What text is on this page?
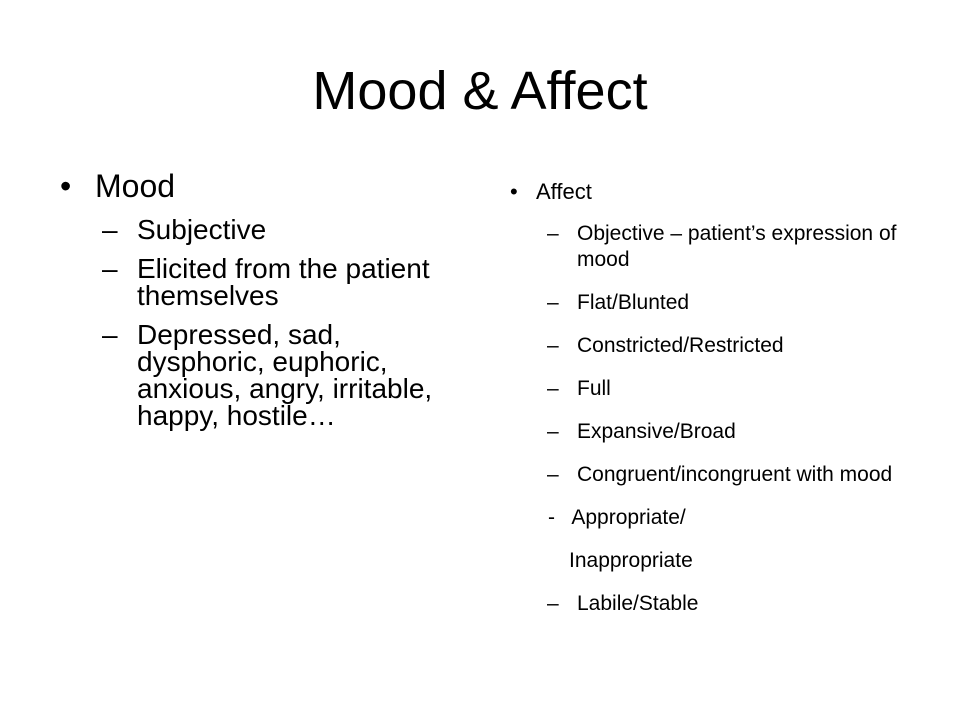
Mood & Affect
• Mood
– Subjective
– Elicited from the patient themselves
– Depressed, sad, dysphoric, euphoric, anxious, angry, irritable, happy, hostile…
• Affect
– Objective – patient’s expression of mood
– Flat/Blunted
– Constricted/Restricted
– Full
– Expansive/Broad
– Congruent/incongruent with mood
-   Appropriate/
Inappropriate
– Labile/Stable
